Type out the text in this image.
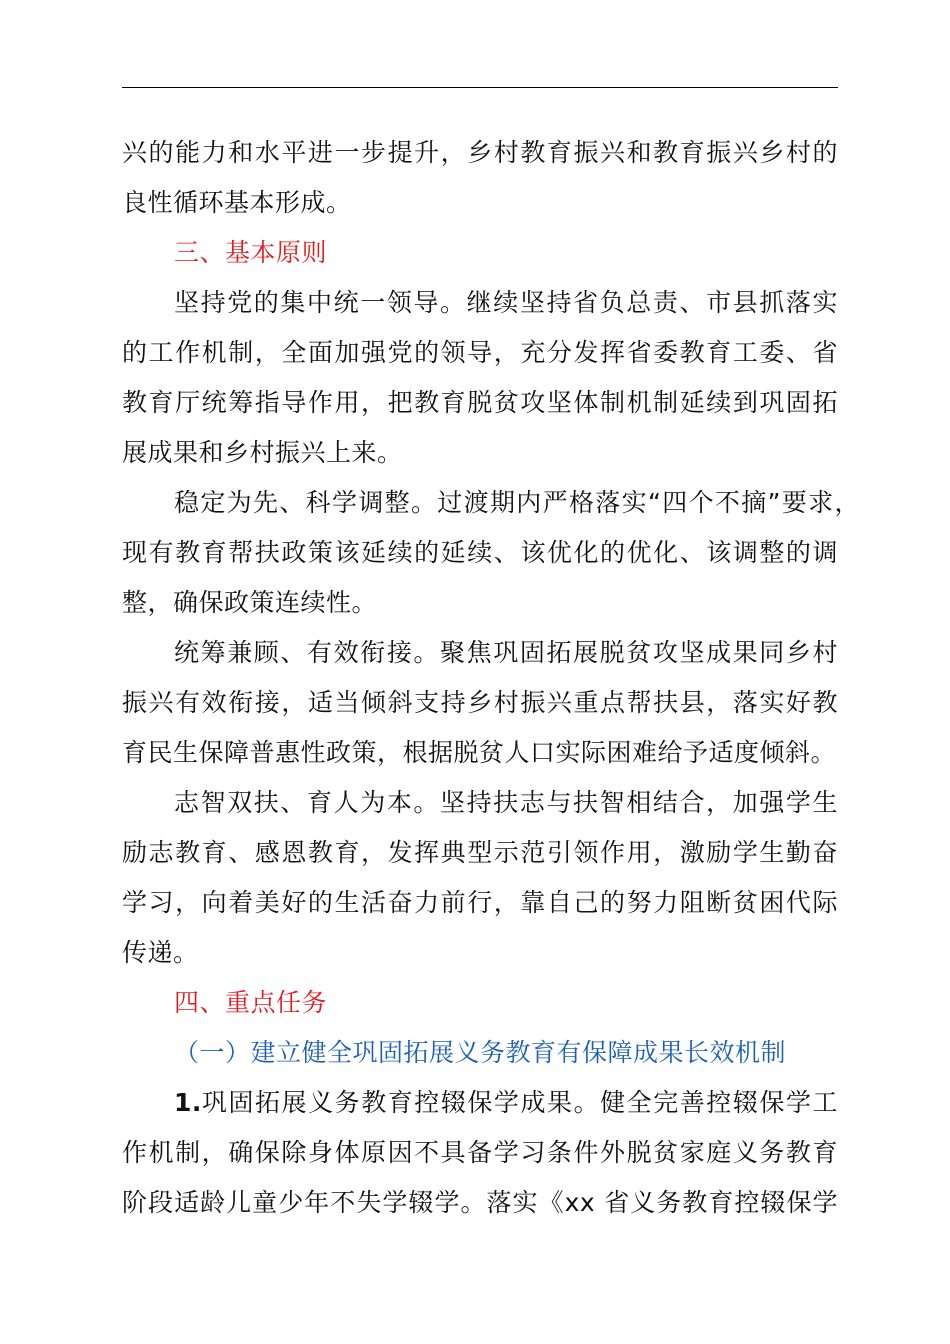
兴的能力和水平进一步提升，乡村教育振兴和教育振兴乡村的
良性循环基本形成。
三、基本原则
坚持党的集中统一领导。继续坚持省负总责、市县抓落实
的工作机制，全面加强党的领导，充分发挥省委教育工委、省
教育厅统筹指导作用，把教育脱贫攻坚体制机制延续到巩固拓
展成果和乡村振兴上来。
稳定为先、科学调整。过渡期内严格落实“四个不摘”要求，
现有教育帮扶政策该延续的延续、该优化的优化、该调整的调
整，确保政策连续性。
统筹兼顾、有效衔接。聚焦巩固拓展脱贫攻坚成果同乡村
振兴有效衔接，适当倾斜支持乡村振兴重点帮扶县，落实好教
育民生保障普惠性政策，根据脱贫人口实际困难给予适度倾斜。
志智双扶、育人为本。坚持扶志与扶智相结合，加强学生
励志教育、感恩教育，发挥典型示范引领作用，激励学生勤奋
学习，向着美好的生活奋力前行，靠自己的努力阻断贫困代际
传递。
四、重点任务
（一）建立健全巩固拓展义务教育有保障成果长效机制
1. 巩固拓展义务教育控辍保学成果。健全完善控辍保学工
作机制，确保除身体原因不具备学习条件外脱贫家庭义务教育
阶段适龄儿童少年不失学辍学。落实《xx 省义务教育控辍保学
